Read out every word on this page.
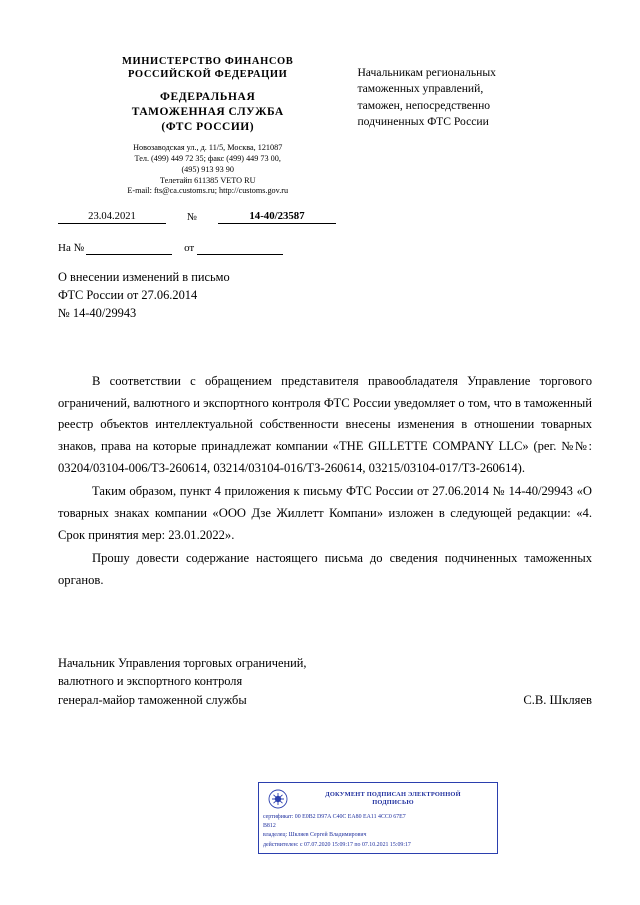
МИНИСТЕРСТВО ФИНАНСОВ
РОССИЙСКОЙ ФЕДЕРАЦИИ
ФЕДЕРАЛЬНАЯ
ТАМОЖЕННАЯ СЛУЖБА
(ФТС РОССИИ)
Новозаводская ул., д. 11/5, Москва, 121087
Тел. (499) 449 72 35; факс (499) 449 73 00,
(495) 913 93 90
Телетайп 611385 VETO RU
E-mail: fts@ca.customs.ru; http://customs.gov.ru
Начальникам региональных
таможенных управлений,
таможен, непосредственно
подчиненных ФТС России
23.04.2021	№	14-40/23587
На №	от
О внесении изменений в письмо
ФТС России от 27.06.2014
№ 14-40/29943

В соответствии с обращением представителя правообладателя Управление торгового ограничений, валютного и экспортного контроля ФТС России уведомляет о том, что в таможенный реестр объектов интеллектуальной собственности внесены изменения в отношении товарных знаков, права на которые принадлежат компании «THE GILLETTE COMPANY LLC» (рег. №№: 03204/03104-006/ТЗ-260614, 03214/03104-016/ТЗ-260614, 03215/03104-017/ТЗ-260614).

Таким образом, пункт 4 приложения к письму ФТС России от 27.06.2014 № 14-40/29943 «О товарных знаках компании «ООО Дзе Жиллетт Компани» изложен в следующей редакции: «4. Срок принятия мер: 23.01.2022».

Прошу довести содержание настоящего письма до сведения подчиненных таможенных органов.

Начальник Управления торговых ограничений,
валютного и экспортного контроля
генерал-майор таможенной службы	С.В. Шкляев
ДОКУМЕНТ ПОДПИСАН ЭЛЕКТРОННОЙ
ПОДПИСЬЮ
сертификат: 00 E0B2 D97A C40C EA80 EA11 4CC0 67E7
B812
владелец: Шкляев Сергей Владимирович
действителен: с 07.07.2020 15:09:17 по 07.10.2021 15:09:17
